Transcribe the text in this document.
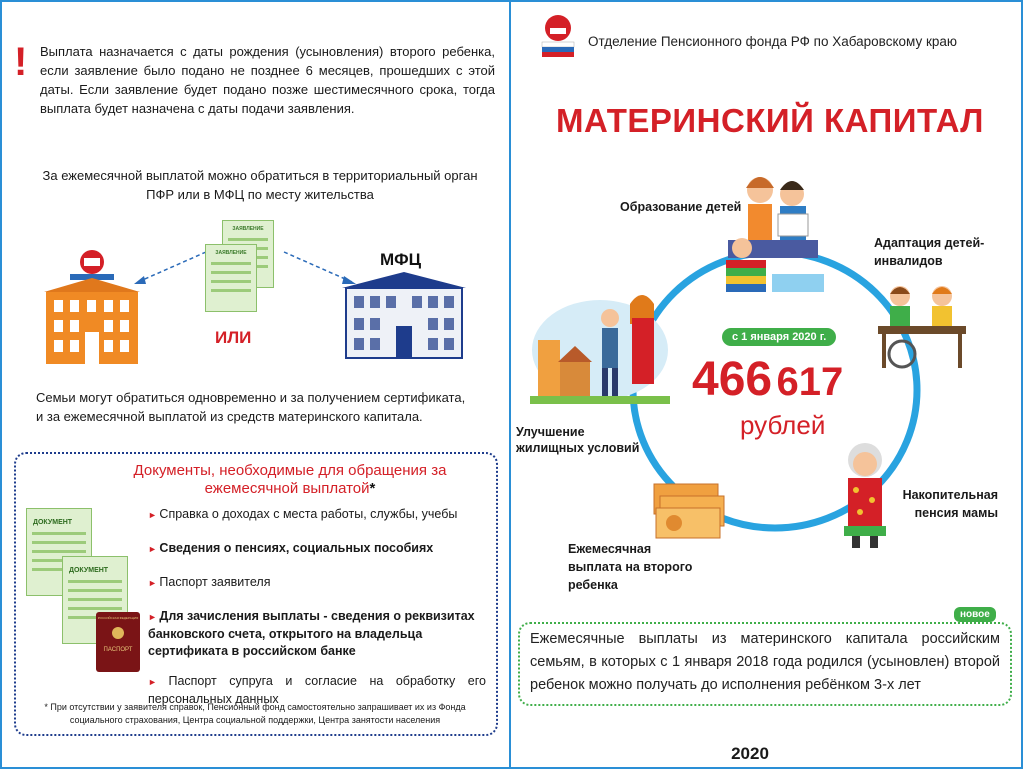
! Выплата назначается с даты рождения (усыновления) второго ребенка, если заявление было подано не позднее 6 месяцев, прошедших с этой даты. Если заявление будет подано позже шестимесячного срока, тогда выплата будет назначена с даты подачи заявления.
За ежемесячной выплатой можно обратиться в территориальный орган ПФР или в МФЦ по месту жительства
ЗАЯВЛЕНИЕ
ЗАЯВЛЕНИЕ
ИЛИ
МФЦ
Семьи могут обратиться одновременно и за получением сертификата, и за ежемесячной выплатой из средств материнского капитала.
Документы, необходимые для обращения за ежемесячной выплатой*
ДОКУМЕНТ
ДОКУМЕНТ
РОССИЙСКАЯ ФЕДЕРАЦИЯ
ПАСПОРТ
► Справка о доходах с места работы, службы, учебы
► Сведения о пенсиях, социальных пособиях
► Паспорт заявителя
► Для зачисления выплаты - сведения о реквизитах банковского счета, открытого на владельца сертификата в российском банке
► Паспорт супруга и согласие на обработку его персональных данных
* При отсутствии у заявителя справок, Пенсионный фонд самостоятельно запрашивает их из Фонда социального страхования, Центра социальной поддержки, Центра занятости населения
Отделение Пенсионного фонда РФ по Хабаровскому краю
МАТЕРИНСКИЙ КАПИТАЛ
Образование детей
Адаптация детей-инвалидов
Улучшение жилищных условий
Накопительная пенсия мамы
Ежемесячная выплата на второго ребенка
с 1 января 2020 г.
466 617
рублей
новое
Ежемесячные выплаты из материнского капитала российским семьям, в которых с 1 января 2018 года родился (усыновлен) второй ребенок можно получать до исполнения ребёнком 3-х лет
2020
